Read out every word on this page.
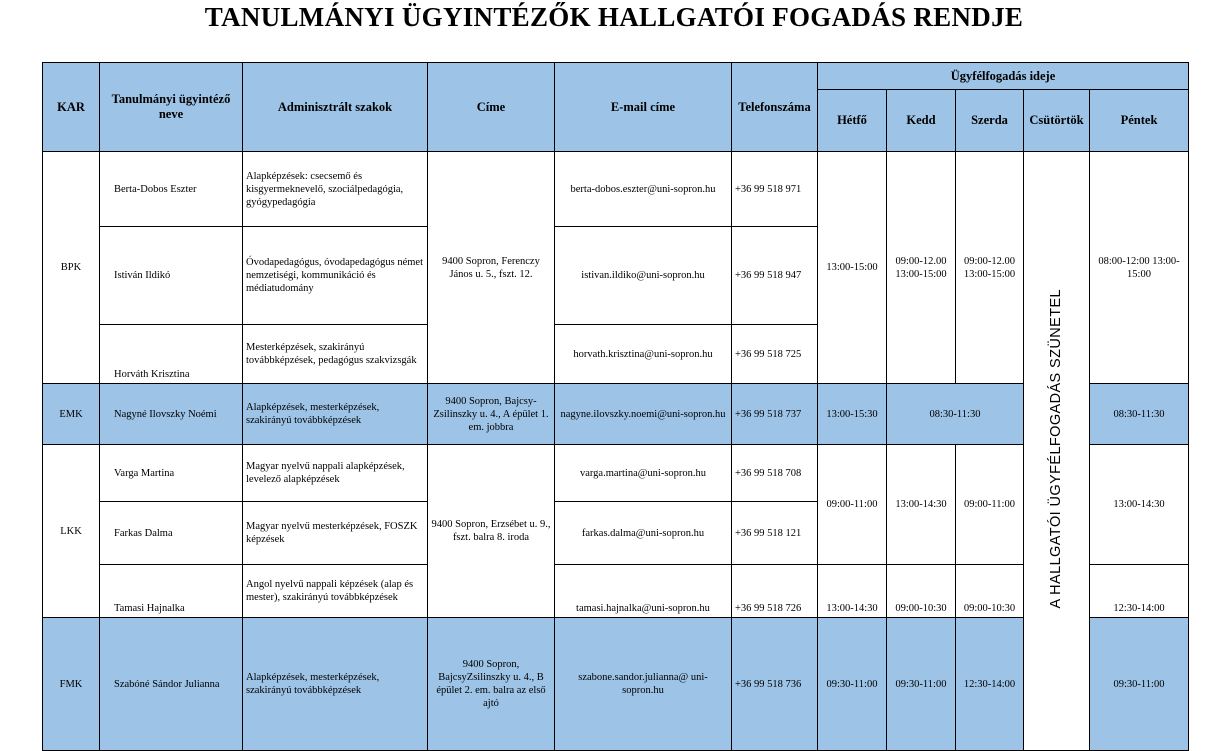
TANULMÁNYI ÜGYINTÉZŐK HALLGATÓI FOGADÁS RENDJE
KAR	Tanulmányi ügyintéző neve	Adminisztrált szakok	Címe	E-mail címe	Telefonszáma	Ügyfélfogadás ideje				
						Hétfő	Kedd	Szerda	Csütörtök	Péntek
BPK	Berta-Dobos Eszter	Alapképzések: csecsemő és kisgyermeknevelő, szociálpedagógia, gyógypedagógia	9400 Sopron, Ferenczy János u. 5., fszt. 12.	berta-dobos.eszter@uni-sopron.hu	+36 99 518 971	13:00-15:00	09:00-12.00 13:00-15:00	09:00-12.00 13:00-15:00	A HALLGATÓI ÜGYFÉLFOGADÁS SZÜNETEL	08:00-12:00 13:00-15:00
	Istiván Ildikó	Óvodapedagógus, óvodapedagógus német nemzetiségi, kommunikáció és médiatudomány		istivan.ildiko@uni-sopron.hu	+36 99 518 947					
	Horváth Krisztina	Mesterképzések, szakirányú továbbképzések, pedagógus szakvizsgák		horvath.krisztina@uni-sopron.hu	+36 99 518 725					
EMK	Nagyné Ilovszky Noémi	Alapképzések, mesterképzések, szakirányú továbbképzések	9400 Sopron, Bajcsy-Zsilinszky u. 4., A épület 1. em. jobbra	nagyne.ilovszky.noemi@uni-sopron.hu	+36 99 518 737	13:00-15:30	08:30-11:30			08:30-11:30
LKK	Varga Martina	Magyar nyelvű nappali alapképzések, levelező alapképzések	9400 Sopron, Erzsébet u. 9., fszt. balra 8. iroda	varga.martina@uni-sopron.hu	+36 99 518 708	09:00-11:00	13:00-14:30	09:00-11:00		13:00-14:30
	Farkas Dalma	Magyar nyelvű mesterképzések, FOSZK képzések		farkas.dalma@uni-sopron.hu	+36 99 518 121					
	Tamasi Hajnalka	Angol nyelvű nappali képzések (alap és mester), szakirányú továbbképzések		tamasi.hajnalka@uni-sopron.hu	+36 99 518 726	13:00-14:30	09:00-10:30	09:00-10:30		12:30-14:00
FMK	Szabóné Sándor Julianna	Alapképzések, mesterképzések, szakirányú továbbképzések	9400 Sopron, BajcsyZsilinszky u. 4., B épület 2. em. balra az első ajtó	szabone.sandor.julianna@ uni-sopron.hu	+36 99 518 736	09:30-11:00	09:30-11:00	12:30-14:00		09:30-11:00
